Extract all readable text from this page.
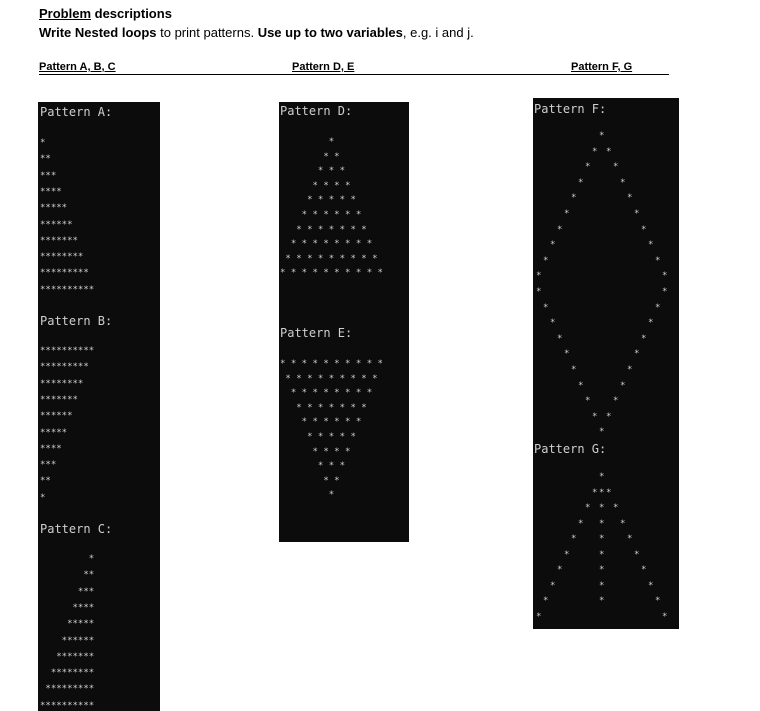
Problem descriptions
Write Nested loops to print patterns. Use up to two variables, e.g. i and j.
Pattern A, B, C	Pattern D, E	Pattern F, G
Pattern A:
*
**
***
****
*****
******
*******
********
*********
**********
Pattern B:
**********
*********
********
*******
******
*****
****
***
**
*
Pattern C:
*
**
***
****
*****
******
*******
********
*********
**********
Pattern D:
*
* *
* * *
* * * *
* * * * *
* * * * * *
* * * * * * *
* * * * * * * *
* * * * * * * * *
* * * * * * * * * *
Pattern E:
* * * * * * * * * *
* * * * * * * * *
* * * * * * * *
* * * * * * *
* * * * * *
* * * * *
* * * *
* * *
* *
*
Pattern F:
*
* *
*	*
*	*
*	*
*	*
*	*
*	*
*	*
*	*
*	*
*	*
*	*
*	*
*	*
*	*
*	*
*	*
* *
*
Pattern G:
* *
*
*	*
*
*	*
*
*	*
*
*	*
*
*	*
*
*	*
*
*	*
*
*	*
*
